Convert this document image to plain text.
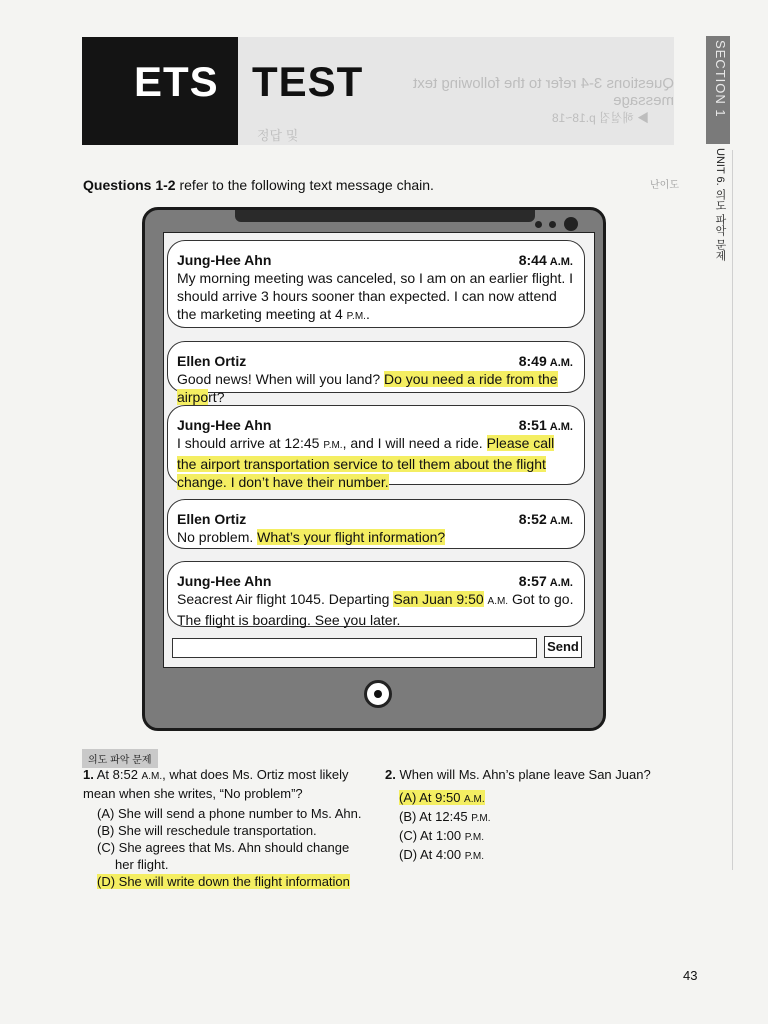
Questions 3-4 refer to the following text message
▶ 해설집 p.18~18
정답 및
ETS TEST	SECTION 1
UNIT 6. 의도 파악 문제
Questions 1-2 refer to the following text message chain.	난이도
Jung-Hee Ahn	8:44 A.M.
My morning meeting was canceled, so I am on an earlier flight. I should arrive 3 hours sooner than expected. I can now attend the marketing meeting at 4 P.M..
Ellen Ortiz	8:49 A.M.
Good news! When will you land? Do you need a ride from the airport?
Jung-Hee Ahn	8:51 A.M.
I should arrive at 12:45 P.M., and I will need a ride. Please call the airport transportation service to tell them about the flight change. I don’t have their number.
Ellen Ortiz	8:52 A.M.
No problem. What’s your flight information?
Jung-Hee Ahn	8:57 A.M.
Seacrest Air flight 1045. Departing San Juan 9:50 A.M. Got to go. The flight is boarding. See you later.
Send
의도 파악 문제
1. At 8:52 A.M., what does Ms. Ortiz most likely mean when she writes, “No problem”?
(A) She will send a phone number to Ms. Ahn.
(B) She will reschedule transportation.
(C) She agrees that Ms. Ahn should change
her flight.
(D) She will write down the flight information
2. When will Ms. Ahn’s plane leave San Juan?
(A) At 9:50 A.M.
(B) At 12:45 P.M.
(C) At 1:00 P.M.
(D) At 4:00 P.M.
43
